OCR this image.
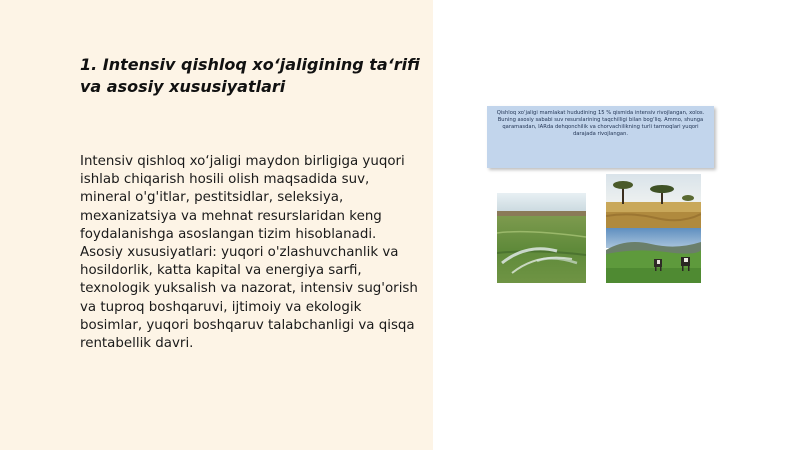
1. Intensiv qishloq xo‘jaligining ta‘rifi va asosiy xususiyatlari

Intensiv qishloq xo‘jaligi maydon birligiga yuqori ishlab chiqarish hosili olish maqsadida suv, mineral o'g'itlar, pestitsidlar, seleksiya, mexanizatsiya va mehnat resurslaridan keng foydalanishga asoslangan tizim hisoblanadi. Asosiy xususiyatlari: yuqori o'zlashuvchanlik va hosildorlik, katta kapital va energiya sarfi, texnologik yuksalish va nazorat, intensiv sug'orish va tuproq boshqaruvi, ijtimoiy va ekologik bosimlar, yuqori boshqaruv talabchanligi va qisqa rentabellik davri.

Qishloq xo‘jaligi mamlakat hududining 15 % qismida intensiv rivojlangan, xolos. Buning asosiy sababi suv resurslarining taqchilligi bilan bog‘liq. Ammo, shunga qaramasdan, IARda dehqonchilik va chorvachilikning turli tarmoqlari yuqori darajada rivojlangan.
